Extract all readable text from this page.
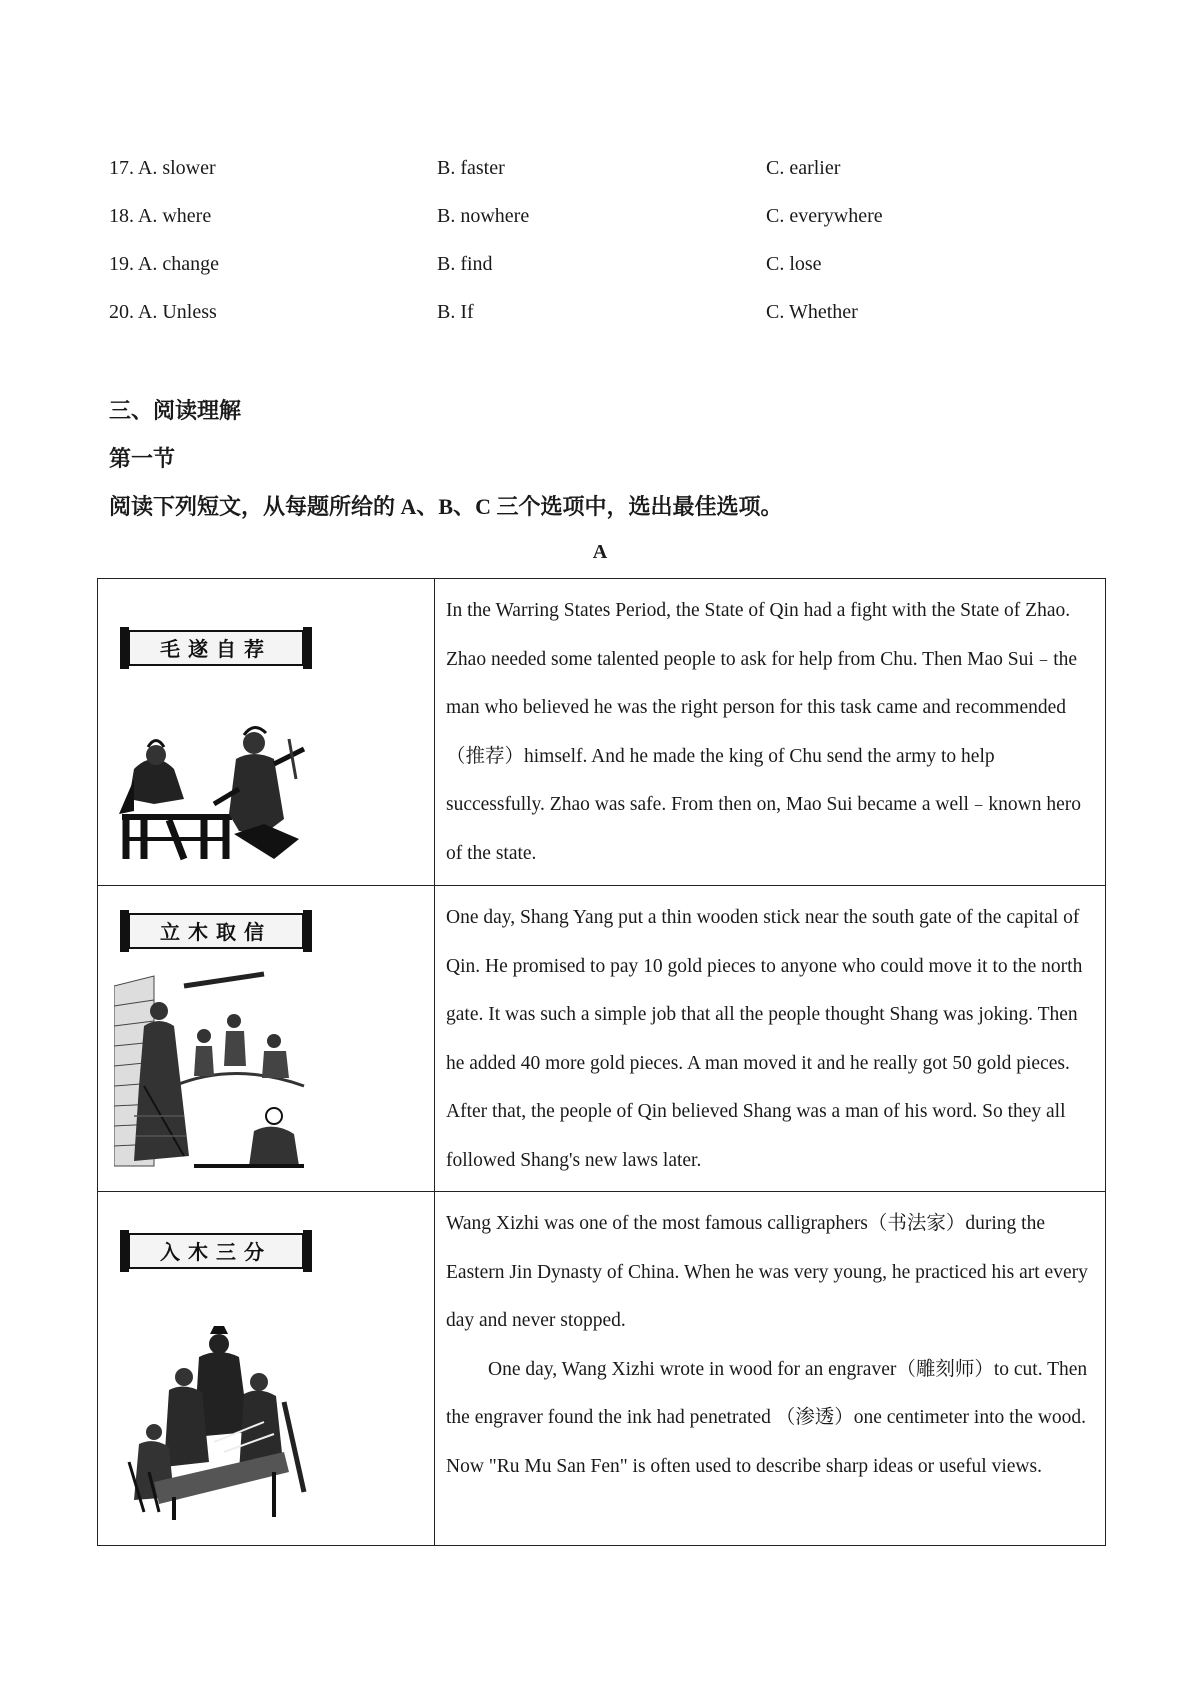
17. A. slower	B. faster	C. earlier
18. A. where	B. nowhere	C. everywhere
19. A. change	B. find	C. lose
20. A. Unless	B. If	C. Whether
三、阅读理解
第一节
阅读下列短文，从每题所给的 A、B、C 三个选项中，选出最佳选项。
A
毛遂自荐

In the Warring States Period, the State of Qin had a fight with the State of Zhao. Zhao needed some talented people to ask for help from Chu. Then Mao Sui﹣the man who believed he was the right person for this task came and recommended（推荐）himself. And he made the king of Chu send the army to help successfully. Zhao was safe. From then on, Mao Sui became a well﹣known hero of the state.

立木取信

One day, Shang Yang put a thin wooden stick near the south gate of the capital of Qin. He promised to pay 10 gold pieces to anyone who could move it to the north gate. It was such a simple job that all the people thought Shang was joking. Then he added 40 more gold pieces. A man moved it and he really got 50 gold pieces. After that, the people of Qin believed Shang was a man of his word. So they all followed Shang's new laws later.

入木三分

Wang Xizhi was one of the most famous calligraphers（书法家）during the Eastern Jin Dynasty of China. When he was very young, he practiced his art every day and never stopped.

One day, Wang Xizhi wrote in wood for an engraver（雕刻师）to cut. Then the engraver found the ink had penetrated （渗透）one centimeter into the wood. Now "Ru Mu San Fen" is often used to describe sharp ideas or useful views.
